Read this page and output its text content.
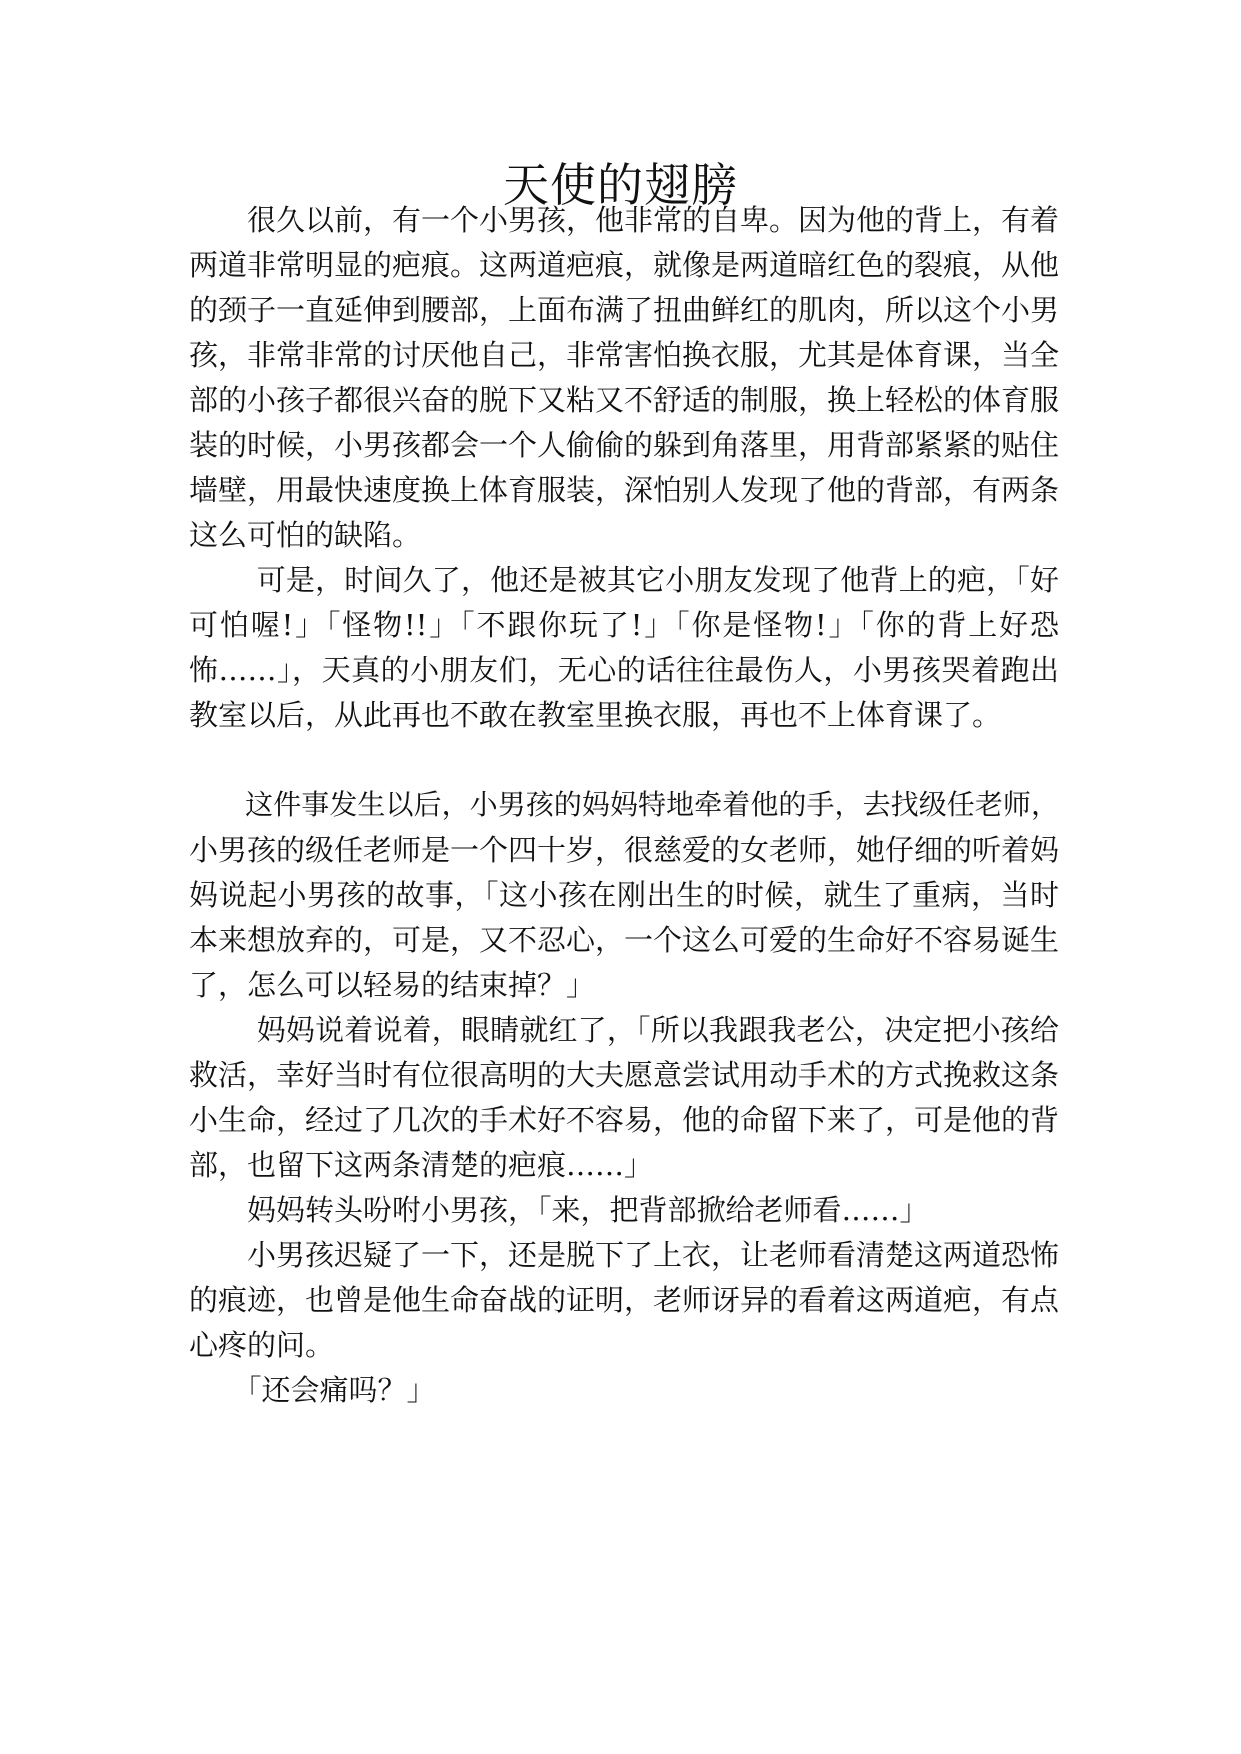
天使的翅膀
　　很久以前，有一个小男孩，他非常的自卑。因为他的背上，有着
两道非常明显的疤痕。这两道疤痕，就像是两道暗红色的裂痕，从他
的颈子一直延伸到腰部，上面布满了扭曲鲜红的肌肉，所以这个小男
孩，非常非常的讨厌他自己，非常害怕换衣服，尤其是体育课，当全
部的小孩子都很兴奋的脱下又粘又不舒适的制服，换上轻松的体育服
装的时候，小男孩都会一个人偷偷的躲到角落里，用背部紧紧的贴住
墙壁，用最快速度换上体育服装，深怕别人发现了他的背部，有两条
这么可怕的缺陷。
　　 可是，时间久了，他还是被其它小朋友发现了他背上的疤，「好
可怕喔!」「怪物!!」「不跟你玩了!」「你是怪物!」「你的背上好恐
怖……」，天真的小朋友们，无心的话往往最伤人，小男孩哭着跑出
教室以后，从此再也不敢在教室里换衣服，再也不上体育课了。
　　这件事发生以后，小男孩的妈妈特地牵着他的手，去找级任老师，
小男孩的级任老师是一个四十岁，很慈爱的女老师，她仔细的听着妈
妈说起小男孩的故事，「这小孩在刚出生的时候，就生了重病，当时
本来想放弃的，可是，又不忍心，一个这么可爱的生命好不容易诞生
了，怎么可以轻易的结束掉？」
　　 妈妈说着说着，眼睛就红了，「所以我跟我老公，决定把小孩给
救活，幸好当时有位很高明的大夫愿意尝试用动手术的方式挽救这条
小生命，经过了几次的手术好不容易，他的命留下来了，可是他的背
部，也留下这两条清楚的疤痕……」
　　妈妈转头吩咐小男孩，「来，把背部掀给老师看……」
　　小男孩迟疑了一下，还是脱下了上衣，让老师看清楚这两道恐怖
的痕迹，也曾是他生命奋战的证明，老师讶异的看着这两道疤，有点
心疼的问。
　　「还会痛吗？」
